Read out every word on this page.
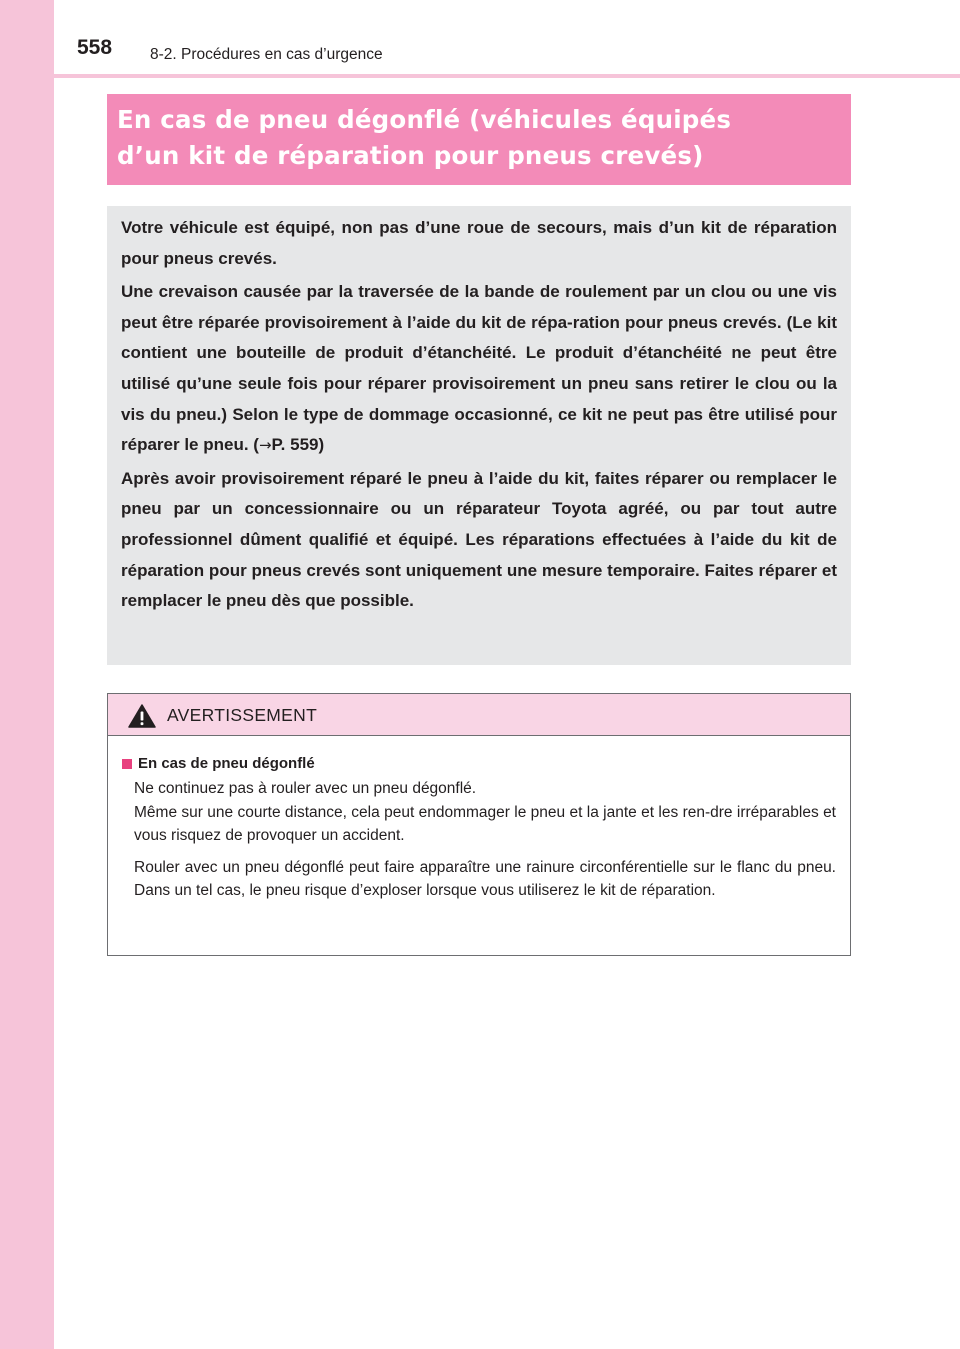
558 8-2. Procédures en cas d’urgence
En cas de pneu dégonflé (véhicules équipés
d’un kit de réparation pour pneus crevés)

Votre véhicule est équipé, non pas d’une roue de secours, mais d’un kit de réparation pour pneus crevés.

Une crevaison causée par la traversée de la bande de roulement par un clou ou une vis peut être réparée provisoirement à l’aide du kit de répa-ration pour pneus crevés. (Le kit contient une bouteille de produit d’étanchéité. Le produit d’étanchéité ne peut être utilisé qu’une seule fois pour réparer provisoirement un pneu sans retirer le clou ou la vis du pneu.) Selon le type de dommage occasionné, ce kit ne peut pas être utilisé pour réparer le pneu. (→P. 559)

Après avoir provisoirement réparé le pneu à l’aide du kit, faites réparer ou remplacer le pneu par un concessionnaire ou un réparateur Toyota agréé, ou par tout autre professionnel dûment qualifié et équipé. Les réparations effectuées à l’aide du kit de réparation pour pneus crevés sont uniquement une mesure temporaire. Faites réparer et remplacer le pneu dès que possible.

AVERTISSEMENT
En cas de pneu dégonflé

Ne continuez pas à rouler avec un pneu dégonflé.

Même sur une courte distance, cela peut endommager le pneu et la jante et les ren-dre irréparables et vous risquez de provoquer un accident.

Rouler avec un pneu dégonflé peut faire apparaître une rainure circonférentielle sur le flanc du pneu. Dans un tel cas, le pneu risque d’exploser lorsque vous utiliserez le kit de réparation.
